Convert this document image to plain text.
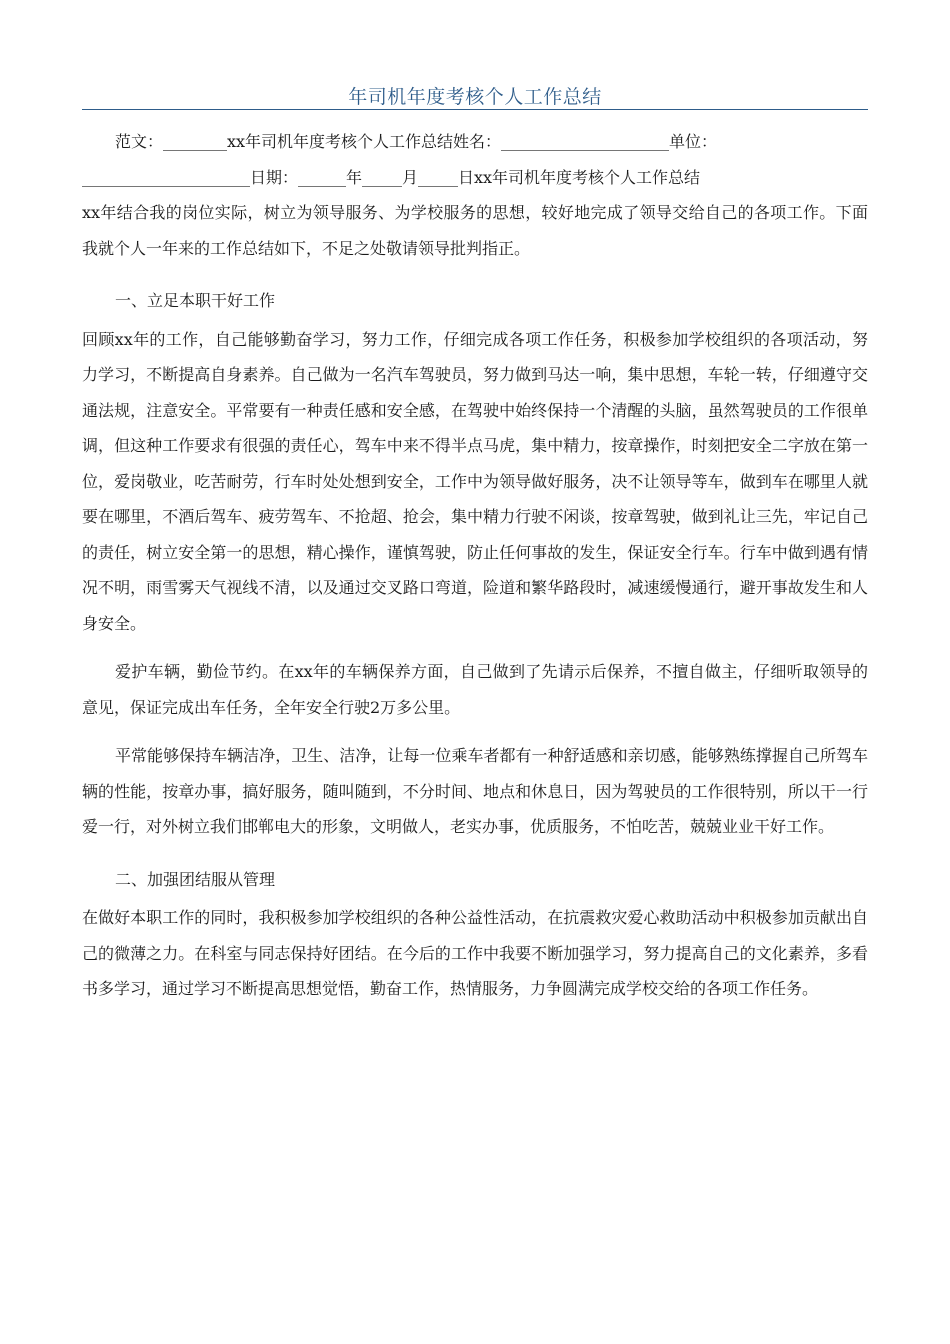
年司机年度考核个人工作总结

范文：________xx年司机年度考核个人工作总结姓名：_____________________单位：

_____________________日期：______年_____月_____日xx年司机年度考核个人工作总结

xx年结合我的岗位实际，树立为领导服务、为学校服务的思想，较好地完成了领导交给自己的各项工作。下面我就个人一年来的工作总结如下，不足之处敬请领导批判指正。

一、立足本职干好工作

回顾xx年的工作，自己能够勤奋学习，努力工作，仔细完成各项工作任务，积极参加学校组织的各项活动，努力学习，不断提高自身素养。自己做为一名汽车驾驶员，努力做到马达一响，集中思想，车轮一转，仔细遵守交通法规，注意安全。平常要有一种责任感和安全感，在驾驶中始终保持一个清醒的头脑，虽然驾驶员的工作很单调，但这种工作要求有很强的责任心，驾车中来不得半点马虎，集中精力，按章操作，时刻把安全二字放在第一位，爱岗敬业，吃苦耐劳，行车时处处想到安全，工作中为领导做好服务，决不让领导等车，做到车在哪里人就要在哪里，不酒后驾车、疲劳驾车、不抢超、抢会，集中精力行驶不闲谈，按章驾驶，做到礼让三先，牢记自己的责任，树立安全第一的思想，精心操作，谨慎驾驶，防止任何事故的发生，保证安全行车。行车中做到遇有情况不明，雨雪雾天气视线不清，以及通过交叉路口弯道，险道和繁华路段时，减速缓慢通行，避开事故发生和人身安全。

爱护车辆，勤俭节约。在xx年的车辆保养方面，自己做到了先请示后保养，不擅自做主，仔细听取领导的意见，保证完成出车任务，全年安全行驶2万多公里。

平常能够保持车辆洁净，卫生、洁净，让每一位乘车者都有一种舒适感和亲切感，能够熟练撑握自己所驾车辆的性能，按章办事，搞好服务，随叫随到，不分时间、地点和休息日，因为驾驶员的工作很特别，所以干一行爱一行，对外树立我们邯郸电大的形象，文明做人，老实办事，优质服务，不怕吃苦，兢兢业业干好工作。

二、加强团结服从管理

在做好本职工作的同时，我积极参加学校组织的各种公益性活动，在抗震救灾爱心救助活动中积极参加贡献出自己的微薄之力。在科室与同志保持好团结。在今后的工作中我要不断加强学习，努力提高自己的文化素养，多看书多学习，通过学习不断提高思想觉悟，勤奋工作，热情服务，力争圆满完成学校交给的各项工作任务。
